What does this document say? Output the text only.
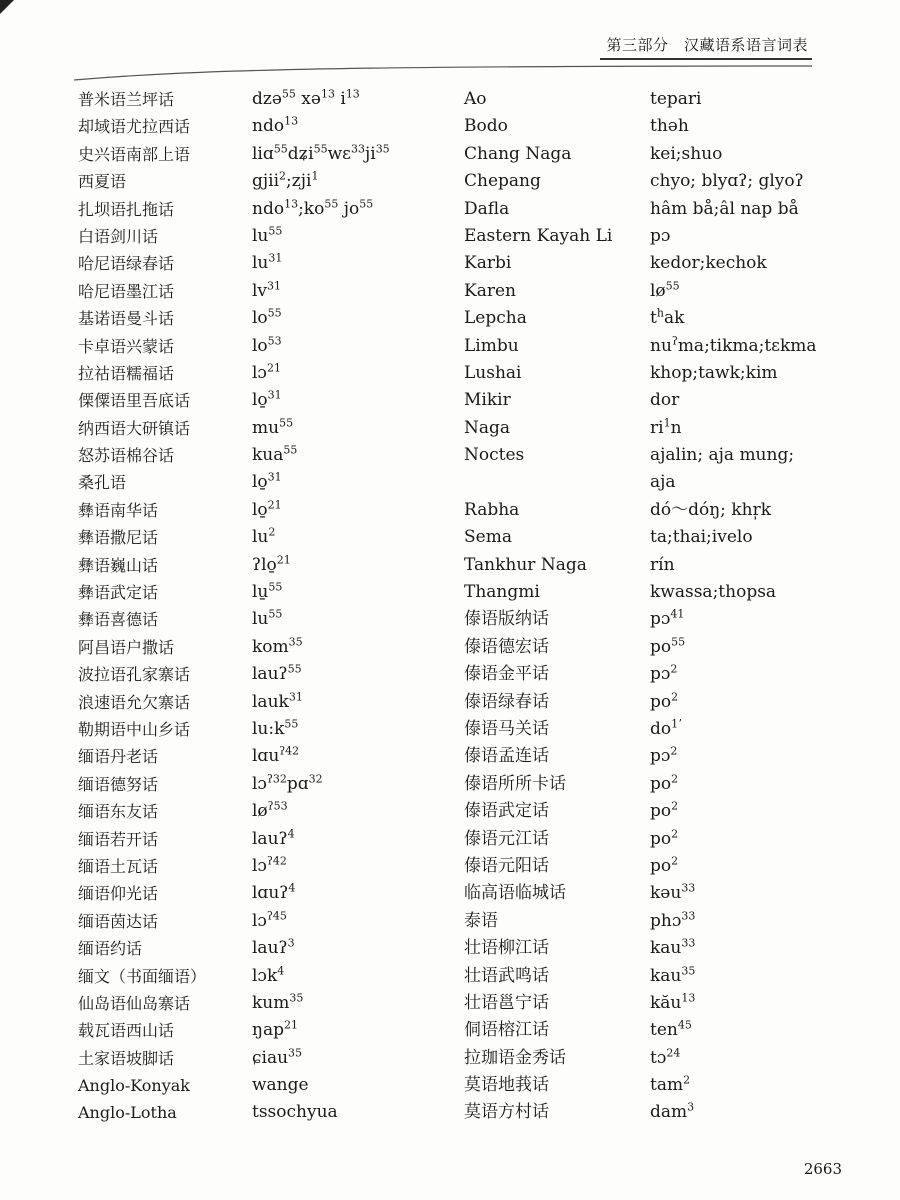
第三部分　汉藏语系语言词表
普米语兰坪话
却域语尤拉西话
史兴语南部上语
西夏语
扎坝语扎拖话
白语剑川话
哈尼语绿春话
哈尼语墨江话
基诺语曼斗话
卡卓语兴蒙话
拉祜语糯福话
傈僳语里吾底话
纳西语大研镇话
怒苏语棉谷话
桑孔语
彝语南华话
彝语撒尼话
彝语巍山话
彝语武定话
彝语喜德话
阿昌语户撒话
波拉语孔家寨话
浪速语允欠寨话
勒期语中山乡话
缅语丹老话
缅语德努话
缅语东友话
缅语若开话
缅语土瓦话
缅语仰光话
缅语茵达话
缅语约话
缅文（书面缅语）
仙岛语仙岛寨话
载瓦语西山话
土家语坡脚话
Anglo-Konyak
Anglo-Lotha
dzə$^{55}$ xə$^{13}$ $i^{13}$
ndo$^{13}$
$liɑ^{55}dʑi^{55}wɛ^{33}ji^{35}$
gjii$^2$;zji$^1$
$ndo^{13};ko^{55}$ $jo^{55}$
$lu^{55}$
$lu^{31}$
$lv^{31}$
$lo^{55}$
$lo^{53}$
lɔ$^{21}$
lo̱$^{31}$
$mu^{55}$
kua$^{55}$
lo̱$^{31}$
lo̱$^{21}$
$lu^2$
ʔlo̱$^{21}$
lu̱$^{55}$
$lu^{55}$
kom$^{35}$
lauʔ$^{55}$
lauk$^{31}$
$lu:k^{55}$
lɑu$^{ʔ42}$
lɔ$^{ʔ32}$pɑ$^{32}$
$lø^{ʔ53}$
lauʔ$^4$
lɔ$^{ʔ42}$
lɑuʔ$^4$
lɔ$^{ʔ45}$
lauʔ$^3$
lɔk$^4$
kum$^{35}$
ŋap$^{21}$
ɕiau$^{35}$
wange
tssochyua
Ao
Bodo
Chang Naga
Chepang
Dafla
Eastern Kayah Li
Karbi
Karen
Lepcha
Limbu
Lushai
Mikir
Naga
Noctes
Rabha
Sema
Tankhur Naga
Thangmi
傣语版纳话
傣语德宏话
傣语金平话
傣语绿春话
傣语马关话
傣语孟连话
傣语所所卡话
傣语武定话
傣语元江话
傣语元阳话
临高语临城话
泰语
壮语柳江话
壮语武鸣话
壮语邕宁话
侗语榕江话
拉珈语金秀话
莫语地莪话
莫语方村话
tepari
thəh
kei;shuo
chyo; blyɑʔ; glyoʔ
hâm bå;âl nap bå
pɔ
kedor;kechok
$lø^{55}$
$t^hak$
$nu^ʔma;tikma;tɛkma$
khop;tawk;kim
dor
$ri^1n$
ajalin; aja mung;
aja
dó～dóŋ; khr̩k
ta;thai;ivelo
rín
kwassa;thopsa
pɔ$^{41}$
$po^{55}$
pɔ$^2$
$po^2$
$do^{1ʼ}$
pɔ$^2$
$po^2$
$po^2$
$po^2$
$po^2$
kəu$^{33}$
phɔ$^{33}$
kau$^{33}$
kau$^{35}$
kău$^{13}$
ten$^{45}$
tɔ$^{24}$
tam$^2$
dam$^3$
2663
